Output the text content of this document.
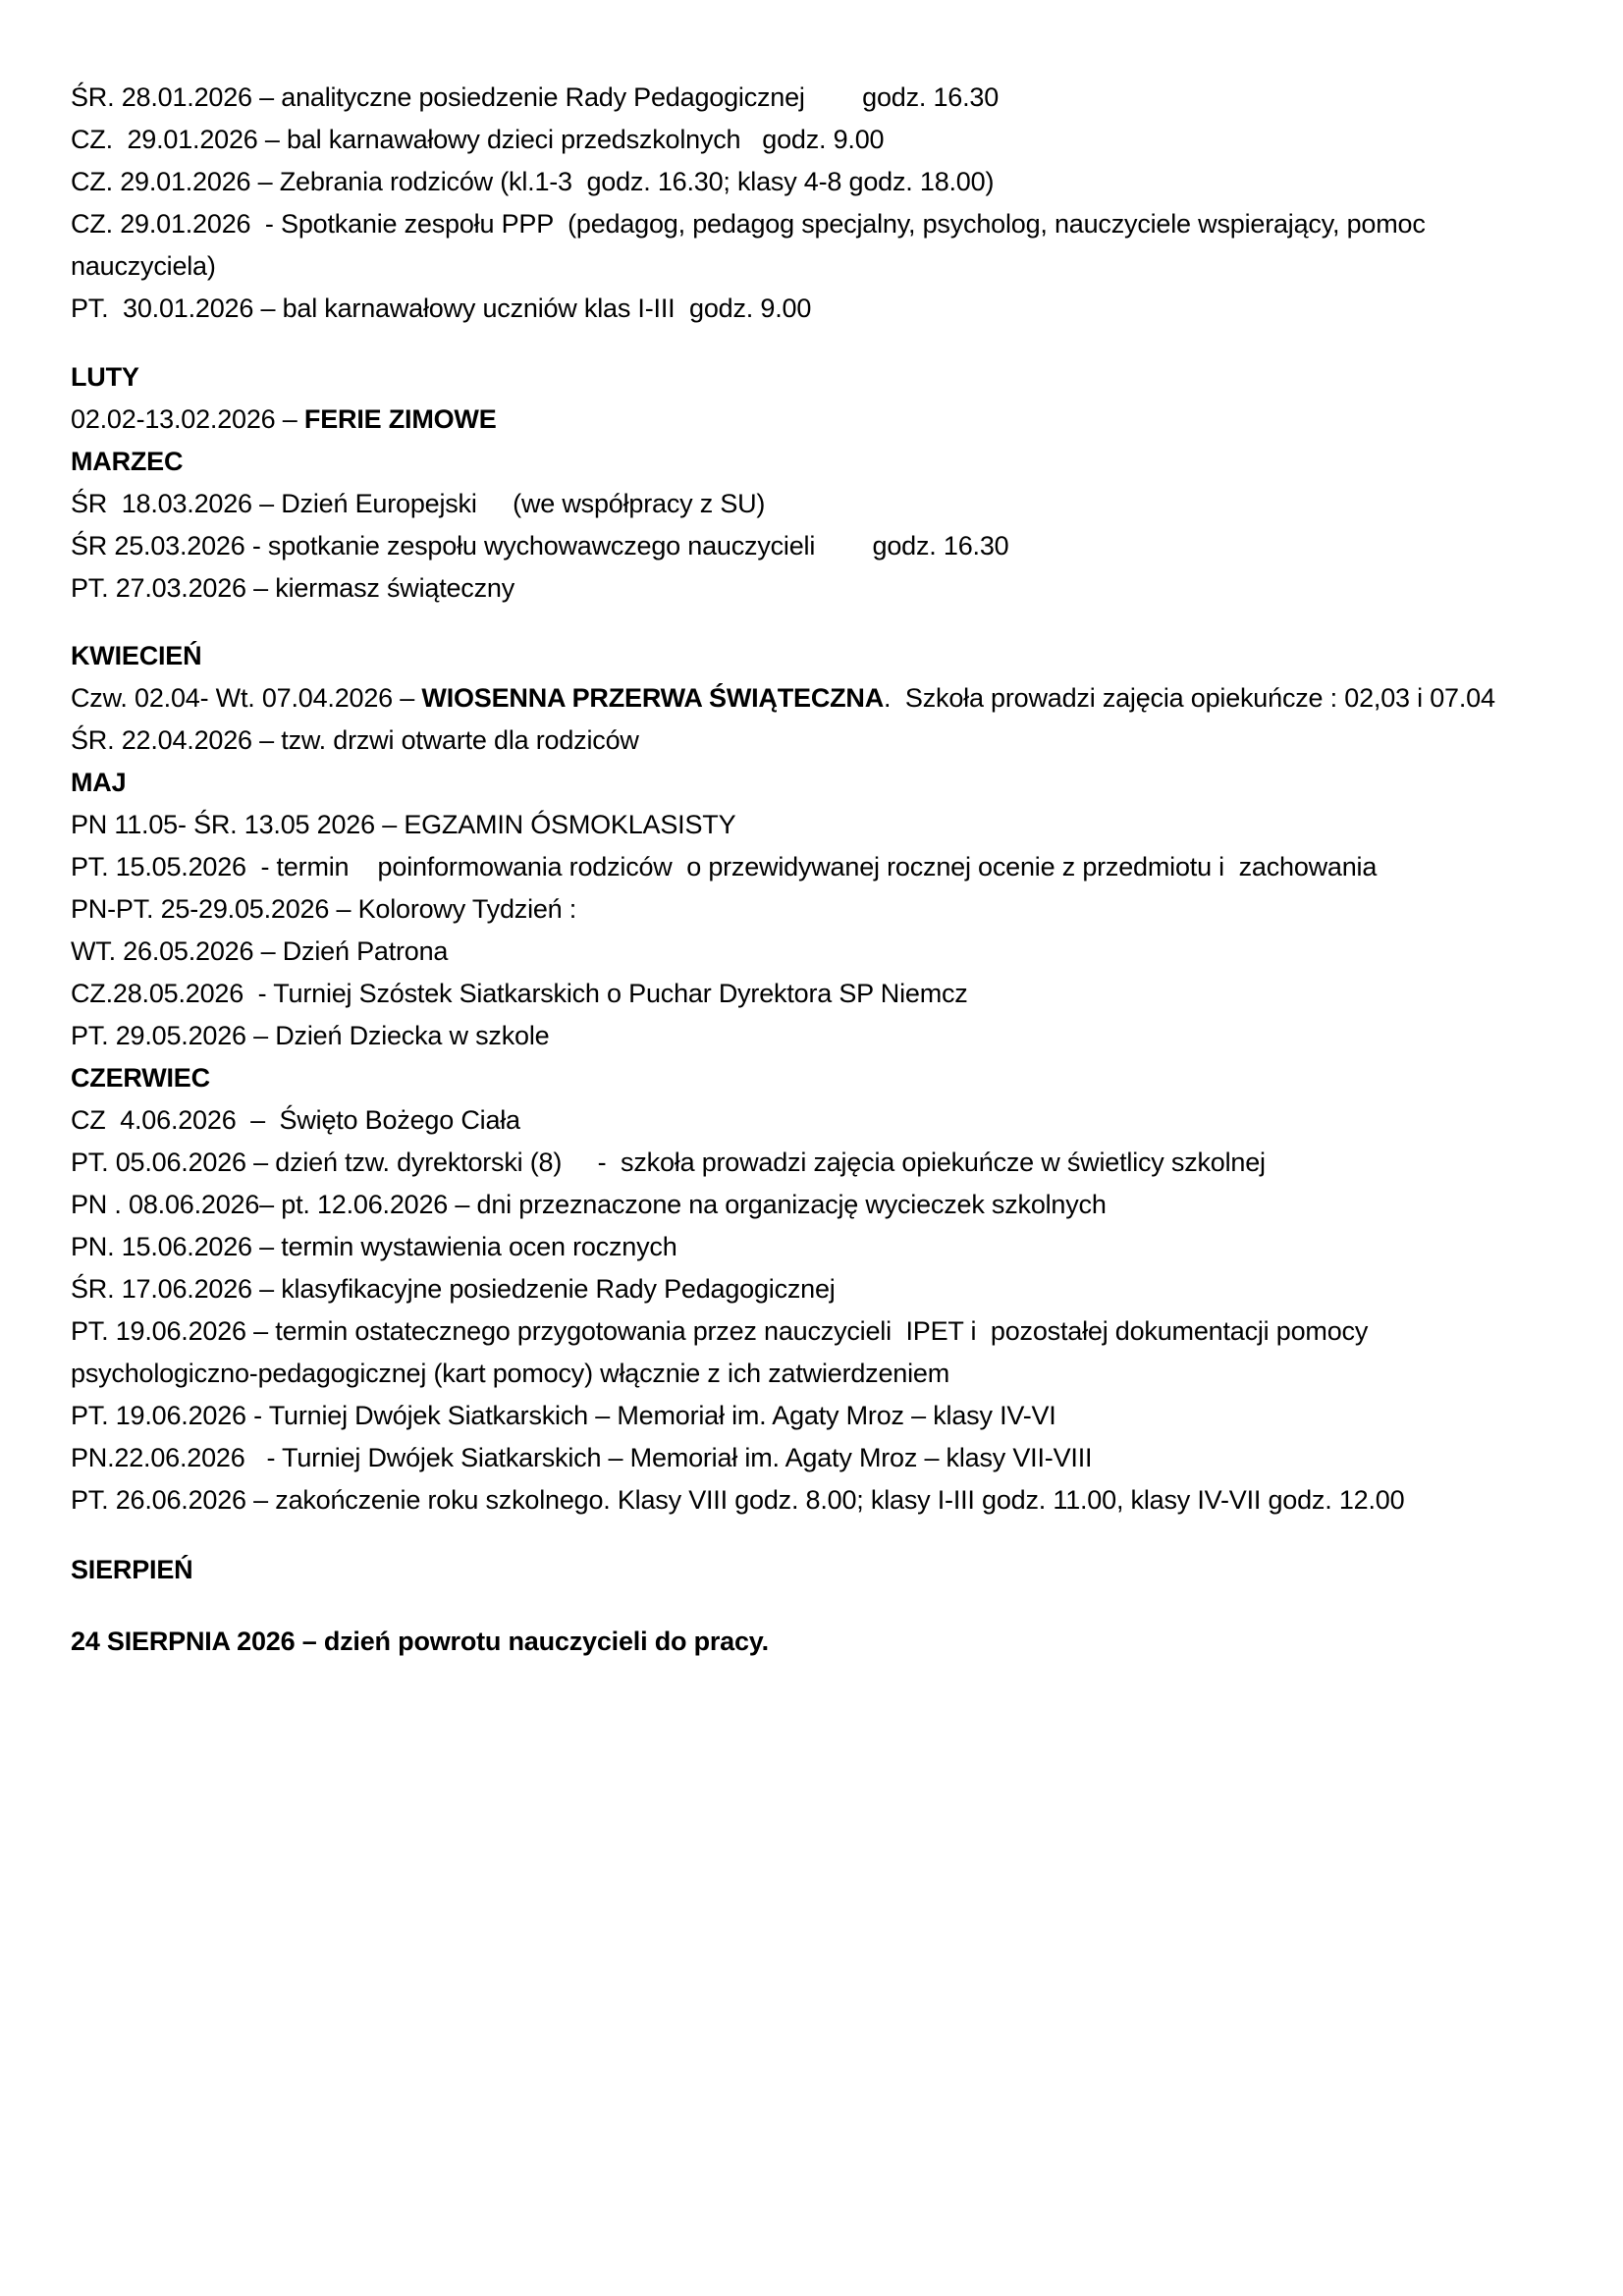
ŚR. 28.01.2026 – analityczne posiedzenie Rady Pedagogicznej        godz. 16.30
CZ.  29.01.2026 – bal karnawałowy dzieci przedszkolnych   godz. 9.00
CZ. 29.01.2026 – Zebrania rodziców (kl.1-3  godz. 16.30; klasy 4-8 godz. 18.00)
CZ. 29.01.2026  - Spotkanie zespołu PPP  (pedagog, pedagog specjalny, psycholog, nauczyciele wspierający, pomoc
nauczyciela)
PT.  30.01.2026 – bal karnawałowy uczniów klas I-III  godz. 9.00
LUTY
02.02-13.02.2026 – FERIE ZIMOWE
MARZEC
ŚR  18.03.2026 – Dzień Europejski     (we współpracy z SU)
ŚR 25.03.2026 - spotkanie zespołu wychowawczego nauczycieli        godz. 16.30
PT. 27.03.2026 – kiermasz świąteczny
KWIECIEŃ
Czw. 02.04- Wt. 07.04.2026 – WIOSENNA PRZERWA ŚWIĄTECZNA.  Szkoła prowadzi zajęcia opiekuńcze : 02,03 i 07.04
ŚR. 22.04.2026 – tzw. drzwi otwarte dla rodziców
MAJ
PN 11.05- ŚR. 13.05 2026 – EGZAMIN ÓSMOKLASISTY
PT. 15.05.2026  - termin    poinformowania rodziców  o przewidywanej rocznej ocenie z przedmiotu i  zachowania
PN-PT. 25-29.05.2026 – Kolorowy Tydzień :
WT. 26.05.2026 – Dzień Patrona
CZ.28.05.2026  - Turniej Szóstek Siatkarskich o Puchar Dyrektora SP Niemcz
PT. 29.05.2026 – Dzień Dziecka w szkole
CZERWIEC
CZ  4.06.2026  –  Święto Bożego Ciała
PT. 05.06.2026 – dzień tzw. dyrektorski (8)     -  szkoła prowadzi zajęcia opiekuńcze w świetlicy szkolnej
PN . 08.06.2026– pt. 12.06.2026 – dni przeznaczone na organizację wycieczek szkolnych
PN. 15.06.2026 – termin wystawienia ocen rocznych
ŚR. 17.06.2026 – klasyfikacyjne posiedzenie Rady Pedagogicznej
PT. 19.06.2026 – termin ostatecznego przygotowania przez nauczycieli  IPET i  pozostałej dokumentacji pomocy
psychologiczno-pedagogicznej (kart pomocy) włącznie z ich zatwierdzeniem
PT. 19.06.2026 - Turniej Dwójek Siatkarskich – Memoriał im. Agaty Mroz – klasy IV-VI
PN.22.06.2026   - Turniej Dwójek Siatkarskich – Memoriał im. Agaty Mroz – klasy VII-VIII
PT. 26.06.2026 – zakończenie roku szkolnego. Klasy VIII godz. 8.00; klasy I-III godz. 11.00, klasy IV-VII godz. 12.00
SIERPIEŃ
24 SIERPNIA 2026 – dzień powrotu nauczycieli do pracy.
